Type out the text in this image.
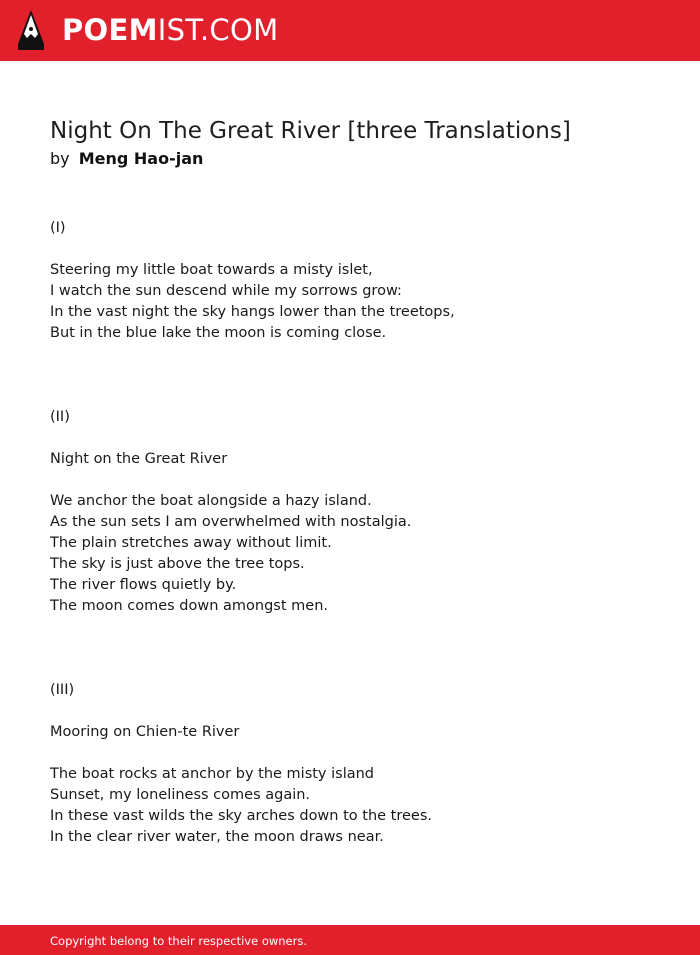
POEMIST.COM
Night On The Great River [three Translations]
by Meng Hao-jan
(I)
Steering my little boat towards a misty islet,
I watch the sun descend while my sorrows grow:
In the vast night the sky hangs lower than the treetops,
But in the blue lake the moon is coming close.
(II)
Night on the Great River
We anchor the boat alongside a hazy island.
As the sun sets I am overwhelmed with nostalgia.
The plain stretches away without limit.
The sky is just above the tree tops.
The river flows quietly by.
The moon comes down amongst men.
(III)
Mooring on Chien-te River
The boat rocks at anchor by the misty island
Sunset, my loneliness comes again.
In these vast wilds the sky arches down to the trees.
In the clear river water, the moon draws near.
Copyright belong to their respective owners.
